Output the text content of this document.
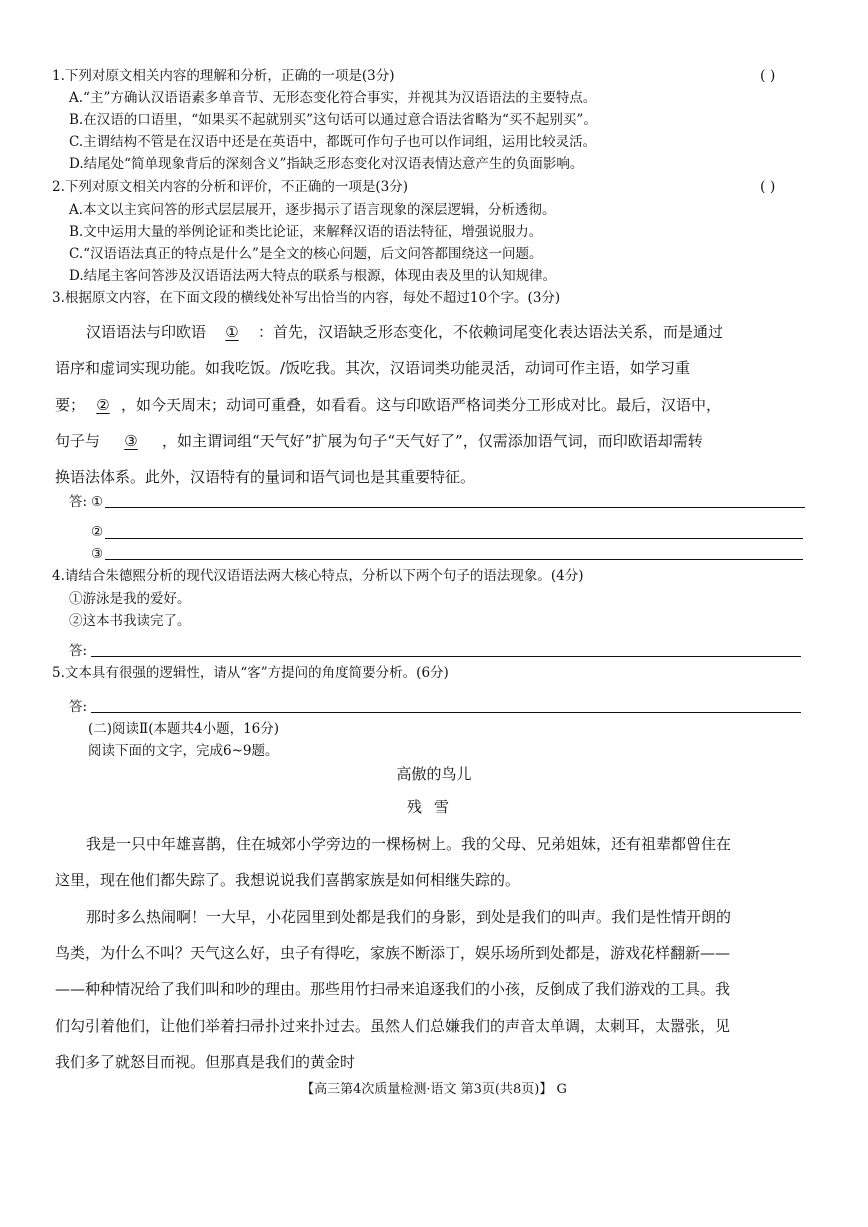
1.下列对原文相关内容的理解和分析，正确的一项是(3分)	( )
A.“主”方确认汉语语素多单音节、无形态变化符合事实，并视其为汉语语法的主要特点。
B.在汉语的口语里，“如果买不起就别买”这句话可以通过意合语法省略为“买不起别买”。
C.主谓结构不管是在汉语中还是在英语中，都既可作句子也可以作词组，运用比较灵活。
D.结尾处“简单现象背后的深刻含义”指缺乏形态变化对汉语表情达意产生的负面影响。
2.下列对原文相关内容的分析和评价，不正确的一项是(3分)	( )
A.本文以主宾问答的形式层层展开，逐步揭示了语言现象的深层逻辑，分析透彻。
B.文中运用大量的举例论证和类比论证，来解释汉语的语法特征，增强说服力。
C.“汉语语法真正的特点是什么”是全文的核心问题，后文问答都围绕这一问题。
D.结尾主客问答涉及汉语语法两大特点的联系与根源，体现由表及里的认知规律。
3.根据原文内容，在下面文段的横线处补写出恰当的内容，每处不超过10个字。(3分)
汉语语法与印欧语 ① ：首先，汉语缺乏形态变化，不依赖词尾变化表达语法关系，而是通过
语序和虚词实现功能。如我吃饭。/饭吃我。其次，汉语词类功能灵活，动词可作主语，如学习重
要； ② ，如今天周末；动词可重叠，如看看。这与印欧语严格词类分工形成对比。最后，汉语中，
句子与 ③ ，如主谓词组“天气好”扩展为句子“天气好了”，仅需添加语气词，而印欧语却需转
换语法体系。此外，汉语特有的量词和语气词也是其重要特征。
答: ①
②
③
4.请结合朱德熙分析的现代汉语语法两大核心特点，分析以下两个句子的语法现象。(4分)
①游泳是我的爱好。
②这本书我读完了。
答:
5.文本具有很强的逻辑性，请从“客”方提问的角度简要分析。(6分)
答:
(二)阅读Ⅱ(本题共4小题，16分)
阅读下面的文字，完成6~9题。
高傲的鸟儿
残雪
我是一只中年雄喜鹊，住在城郊小学旁边的一棵杨树上。我的父母、兄弟姐妹，还有祖辈都曾住在
这里，现在他们都失踪了。我想说说我们喜鹊家族是如何相继失踪的。
那时多么热闹啊！一大早，小花园里到处都是我们的身影，到处是我们的叫声。我们是性情开朗的
鸟类，为什么不叫？天气这么好，虫子有得吃，家族不断添丁，娱乐场所到处都是，游戏花样翻新——
——种种情况给了我们叫和吵的理由。那些用竹扫帚来追逐我们的小孩，反倒成了我们游戏的工具。我
们勾引着他们，让他们举着扫帚扑过来扑过去。虽然人们总嫌我们的声音太单调，太刺耳，太嚣张，见
我们多了就怒目而视。但那真是我们的黄金时
【高三第4次质量检测·语文 第3页(共8页)】 G
